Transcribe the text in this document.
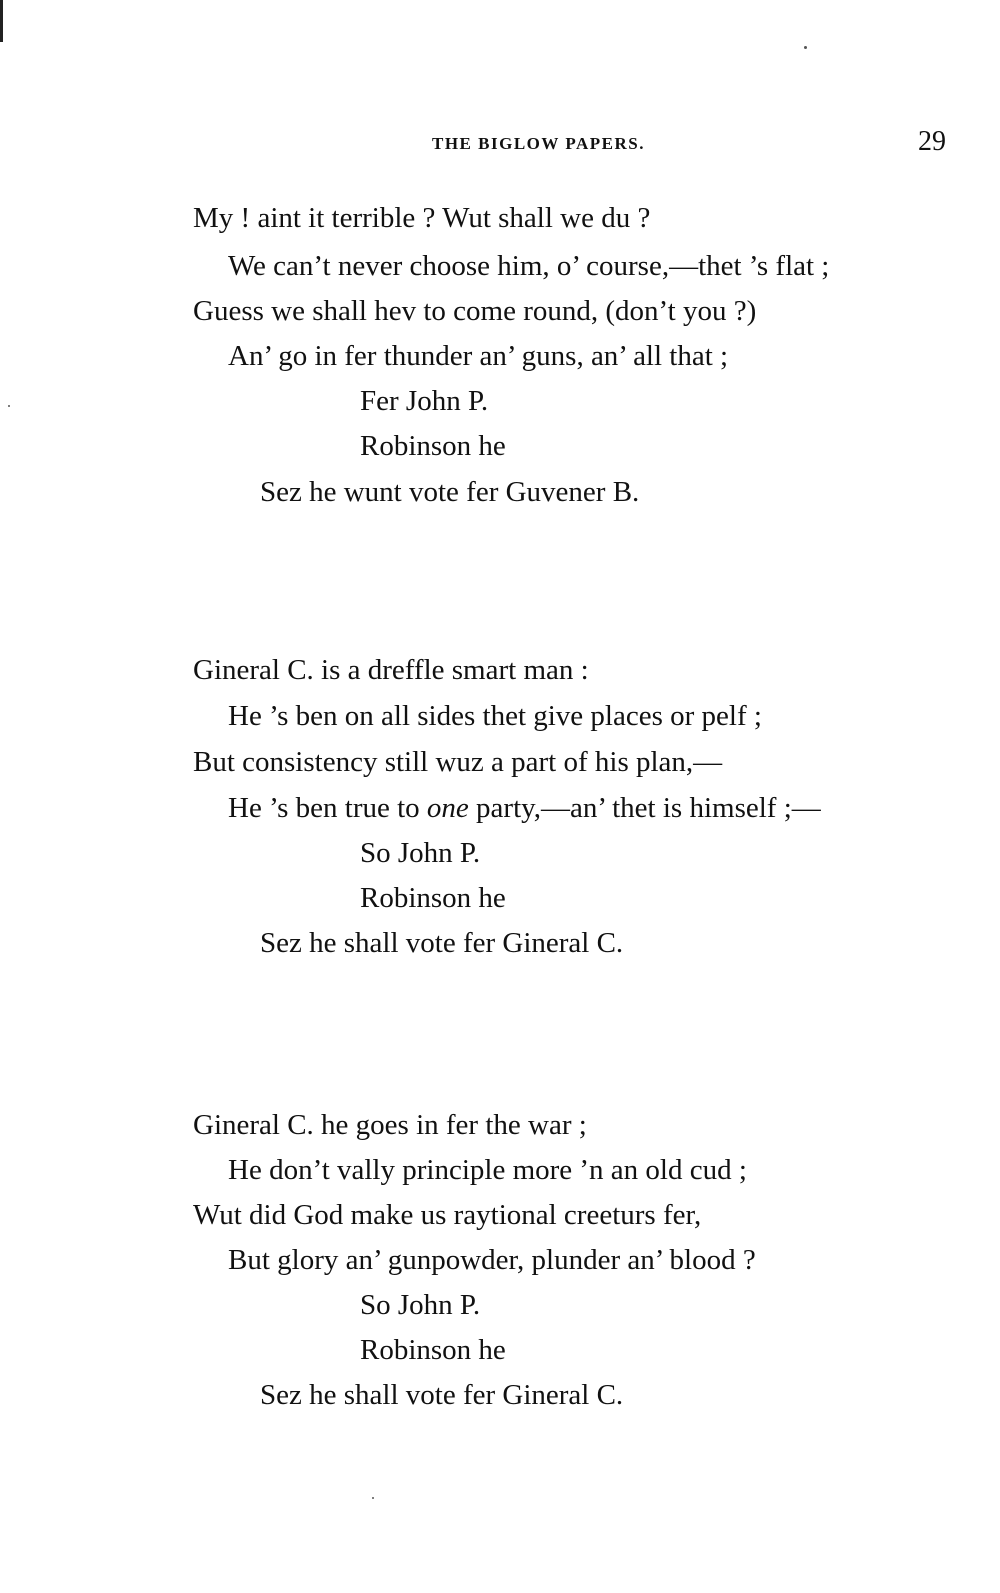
THE BIGLOW PAPERS.	29
My ! aint it terrible ? Wut shall we du ?
We can’t never choose him, o’ course,—thet ’s flat ;
Guess we shall hev to come round, (don’t you ?)
An’ go in fer thunder an’ guns, an’ all that ;
Fer John P.
Robinson he
Sez he wunt vote fer Guvener B.
Gineral C. is a dreffle smart man :
He ’s ben on all sides thet give places or pelf ;
But consistency still wuz a part of his plan,—
He ’s ben true to one party,—an’ thet is himself ;—
So John P.
Robinson he
Sez he shall vote fer Gineral C.
Gineral C. he goes in fer the war ;
He don’t vally principle more ’n an old cud ;
Wut did God make us raytional creeturs fer,
But glory an’ gunpowder, plunder an’ blood ?
So John P.
Robinson he
Sez he shall vote fer Gineral C.
